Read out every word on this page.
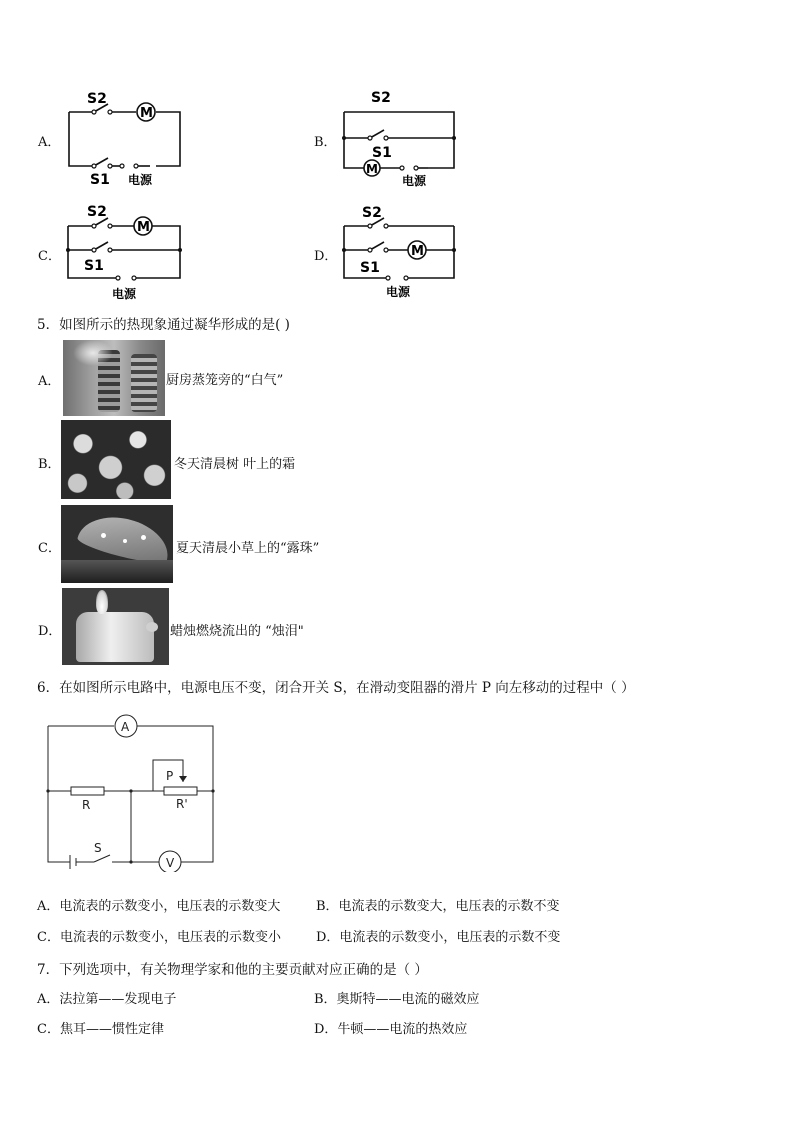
A．
M
S2
S1 电源
B．
S2
S1
M
电源
C．
S2
M
S1
电源
D．
S2
M
S1
电源
5．如图所示的热现象通过凝华形成的是( )
A．	厨房蒸笼旁的“白气”
B．	冬天清晨树 叶上的霜
C．	夏天清晨小草上的“露珠”
D．	蜡烛燃烧流出的 “烛泪"
6．在如图所示电路中，电源电压不变，闭合开关 S，在滑动变阻器的滑片 P 向左移动的过程中（ ）
A
V
R	R'
P
S
A．电流表的示数变小，电压表的示数变大	B．电流表的示数变大，电压表的示数不变
C．电流表的示数变小，电压表的示数变小	D．电流表的示数变小，电压表的示数不变
7．下列选项中，有关物理学家和他的主要贡献对应正确的是（ ）
A．法拉第——发现电子	B．奥斯特——电流的磁效应
C．焦耳——惯性定律	D．牛顿——电流的热效应
